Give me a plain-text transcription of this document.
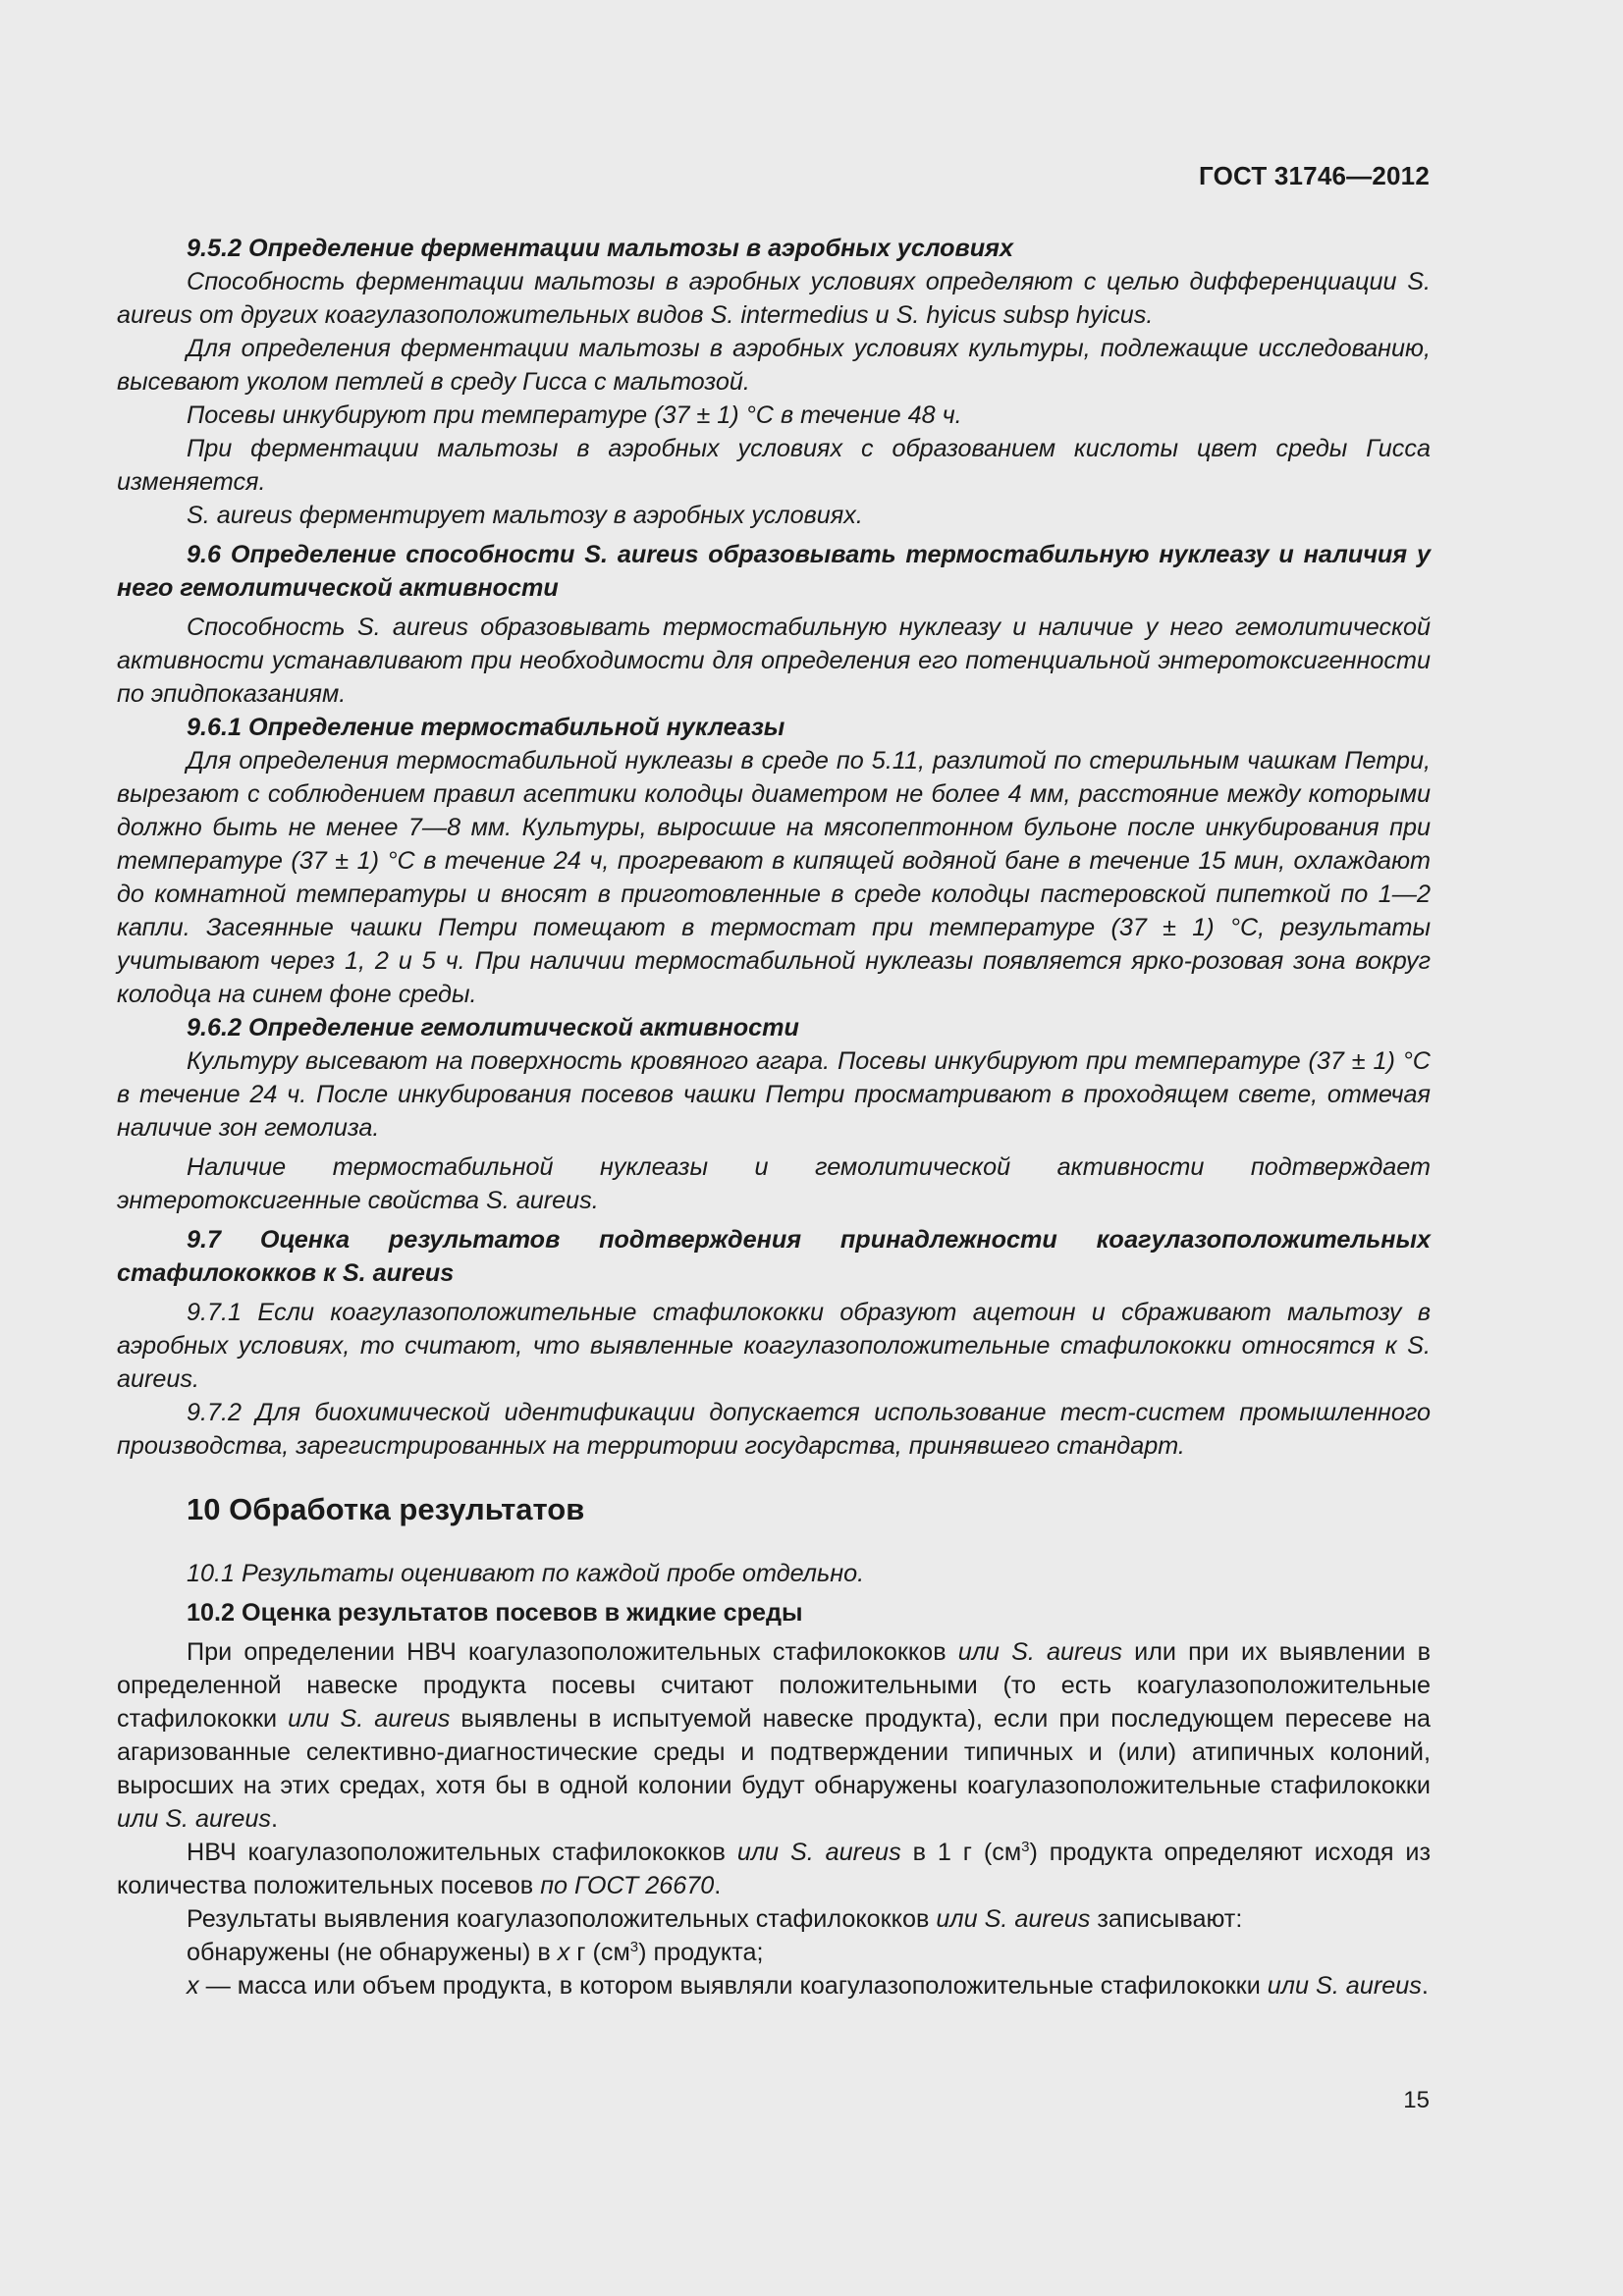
ГОСТ 31746—2012

9.5.2 Определение ферментации мальтозы в аэробных условиях

Способность ферментации мальтозы в аэробных условиях определяют с целью дифференциации S. aureus от других коагулазоположительных видов S. intermedius и S. hyicus subsp hyicus.

Для определения ферментации мальтозы в аэробных условиях культуры, подлежащие исследованию, высевают уколом петлей в среду Гисса с мальтозой.

Посевы инкубируют при температуре (37 ± 1) °С в течение 48 ч.

При ферментации мальтозы в аэробных условиях с образованием кислоты цвет среды Гисса изменяется.

S. aureus ферментирует мальтозу в аэробных условиях.

9.6 Определение способности S. aureus образовывать термостабильную нуклеазу и наличия у него гемолитической активности

Способность S. aureus образовывать термостабильную нуклеазу и наличие у него гемолитической активности устанавливают при необходимости для определения его потенциальной энтеротоксигенности по эпидпоказаниям.

9.6.1 Определение термостабильной нуклеазы

Для определения термостабильной нуклеазы в среде по 5.11, разлитой по стерильным чашкам Петри, вырезают с соблюдением правил асептики колодцы диаметром не более 4 мм, расстояние между которыми должно быть не менее 7—8 мм. Культуры, выросшие на мясопептонном бульоне после инкубирования при температуре (37 ± 1) °С в течение 24 ч, прогревают в кипящей водяной бане в течение 15 мин, охлаждают до комнатной температуры и вносят в приготовленные в среде колодцы пастеровской пипеткой по 1—2 капли. Засеянные чашки Петри помещают в термостат при температуре (37 ± 1) °С, результаты учитывают через 1, 2 и 5 ч. При наличии термостабильной нуклеазы появляется ярко-розовая зона вокруг колодца на синем фоне среды.

9.6.2 Определение гемолитической активности

Культуру высевают на поверхность кровяного агара. Посевы инкубируют при температуре (37 ± 1) °С в течение 24 ч. После инкубирования посевов чашки Петри просматривают в проходящем свете, отмечая наличие зон гемолиза.

Наличие термостабильной нуклеазы и гемолитической активности подтверждает энтеротоксигенные свойства S. aureus.

9.7 Оценка результатов подтверждения принадлежности коагулазоположительных стафилококков к S. aureus

9.7.1 Если коагулазоположительные стафилококки образуют ацетоин и сбраживают мальтозу в аэробных условиях, то считают, что выявленные коагулазоположительные стафилококки относятся к S. aureus.

9.7.2 Для биохимической идентификации допускается использование тест-систем промышленного производства, зарегистрированных на территории государства, принявшего стандарт.

10 Обработка результатов

10.1 Результаты оценивают по каждой пробе отдельно.

10.2 Оценка результатов посевов в жидкие среды

При определении НВЧ коагулазоположительных стафилококков или S. aureus или при их выявлении в определенной навеске продукта посевы считают положительными (то есть коагулазоположительные стафилококки или S. aureus выявлены в испытуемой навеске продукта), если при последующем пересеве на агаризованные селективно-диагностические среды и подтверждении типичных и (или) атипичных колоний, выросших на этих средах, хотя бы в одной колонии будут обнаружены коагулазоположительные стафилококки или S. aureus.

НВЧ коагулазоположительных стафилококков или S. aureus в 1 г $(см^3)$ продукта определяют исходя из количества положительных посевов по ГОСТ 26670.

Результаты выявления коагулазоположительных стафилококков или S. aureus записывают:

обнаружены (не обнаружены) в x г $(см^3)$ продукта;

x — масса или объем продукта, в котором выявляли коагулазоположительные стафилококки или S. aureus.

15
